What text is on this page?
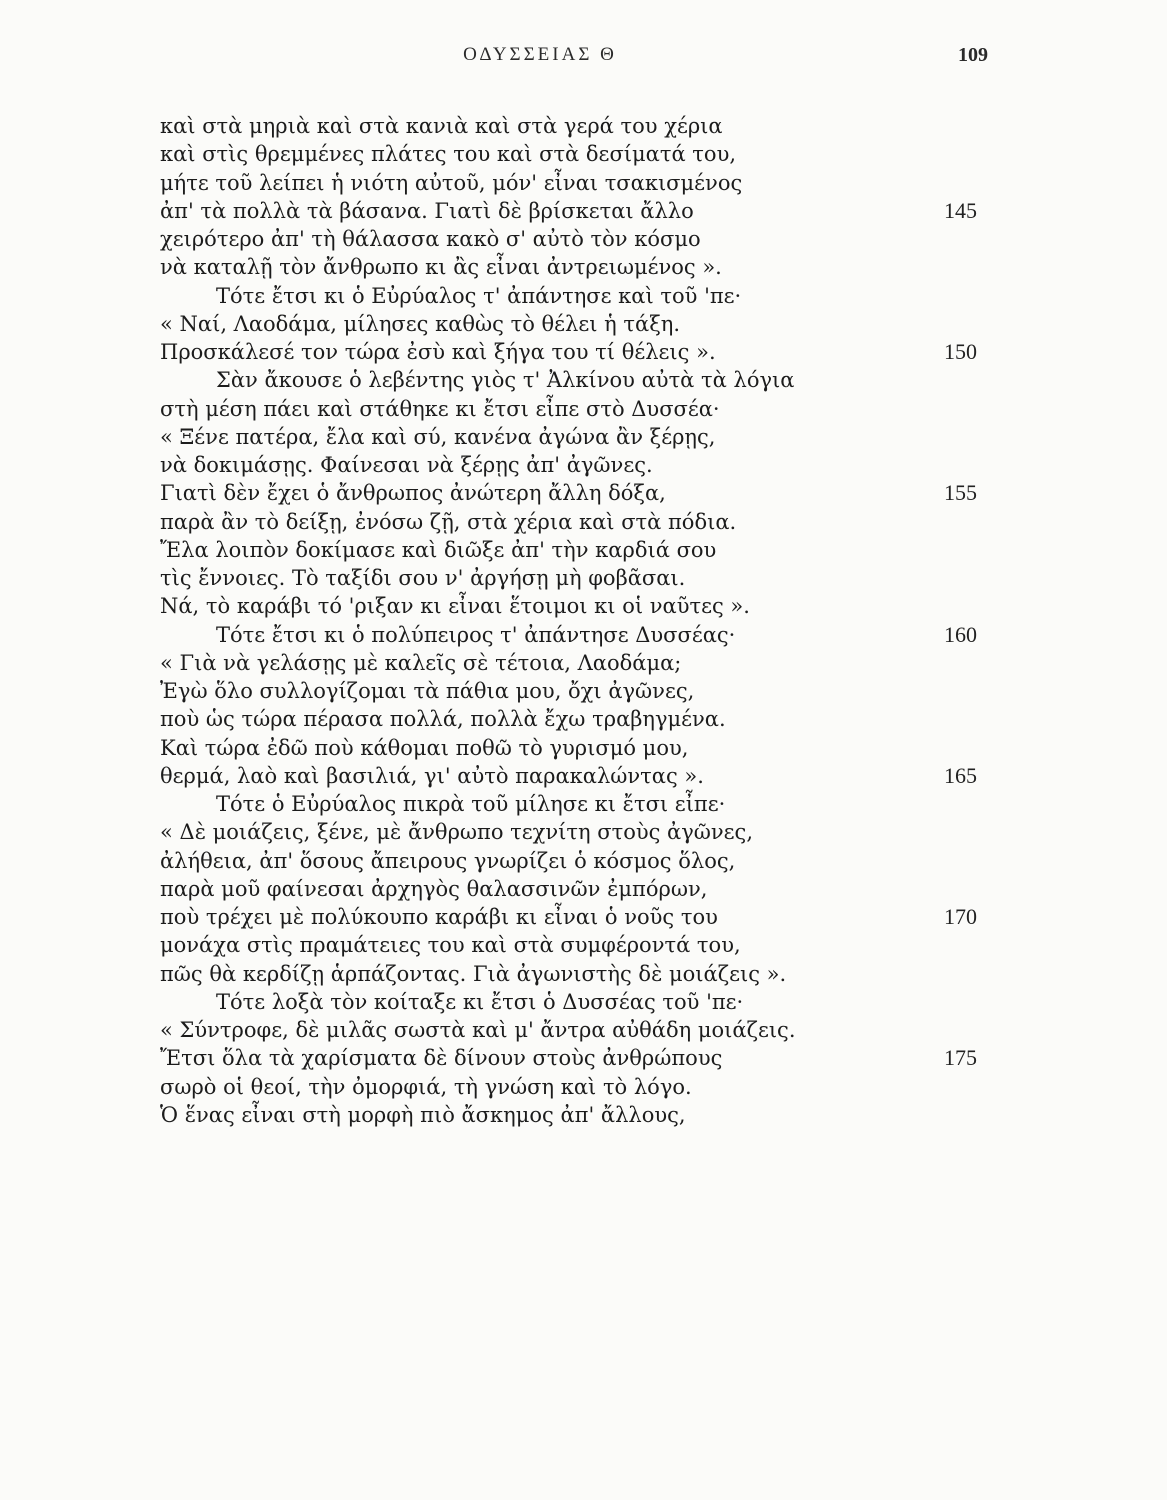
ΟΔΥΣΣΕΙΑΣ Θ	109
καὶ στὰ μηριὰ καὶ στὰ κανιὰ καὶ στὰ γερά του χέρια
καὶ στὶς θρεμμένες πλάτες του καὶ στὰ δεσίματά του,
μήτε τοῦ λείπει ἡ νιότη αὐτοῦ, μόν' εἶναι τσακισμένος
ἀπ' τὰ πολλὰ τὰ βάσανα. Γιατὶ δὲ βρίσκεται ἄλλο	145
χειρότερο ἀπ' τὴ θάλασσα κακὸ σ' αὐτὸ τὸν κόσμο
νὰ καταλῇ τὸν ἄνθρωπο κι ἂς εἶναι ἀντρειωμένος ».
Τότε ἔτσι κι ὁ Εὐρύαλος τ' ἀπάντησε καὶ τοῦ 'πε·
« Ναί, Λαοδάμα, μίλησες καθὼς τὸ θέλει ἡ τάξη.
Προσκάλεσέ τον τώρα ἐσὺ καὶ ξήγα του τί θέλεις ».	150
Σὰν ἄκουσε ὁ λεβέντης γιὸς τ' Ἀλκίνου αὐτὰ τὰ λόγια
στὴ μέση πάει καὶ στάθηκε κι ἔτσι εἶπε στὸ Δυσσέα·
« Ξένε πατέρα, ἔλα καὶ σύ, κανένα ἀγώνα ἂν ξέρῃς,
νὰ δοκιμάσῃς. Φαίνεσαι νὰ ξέρῃς ἀπ' ἀγῶνες.
Γιατὶ δὲν ἔχει ὁ ἄνθρωπος ἀνώτερη ἄλλη δόξα,	155
παρὰ ἂν τὸ δείξῃ, ἐνόσω ζῇ, στὰ χέρια καὶ στὰ πόδια.
Ἔλα λοιπὸν δοκίμασε καὶ διῶξε ἀπ' τὴν καρδιά σου
τὶς ἔννοιες. Τὸ ταξίδι σου ν' ἀργήσῃ μὴ φοβᾶσαι.
Νά, τὸ καράβι τό 'ριξαν κι εἶναι ἕτοιμοι κι οἱ ναῦτες ».
Τότε ἔτσι κι ὁ πολύπειρος τ' ἀπάντησε Δυσσέας·	160
« Γιὰ νὰ γελάσῃς μὲ καλεῖς σὲ τέτοια, Λαοδάμα;
Ἐγὼ ὅλο συλλογίζομαι τὰ πάθια μου, ὄχι ἀγῶνες,
ποὺ ὡς τώρα πέρασα πολλά, πολλὰ ἔχω τραβηγμένα.
Καὶ τώρα ἐδῶ ποὺ κάθομαι ποθῶ τὸ γυρισμό μου,
θερμά, λαὸ καὶ βασιλιά, γι' αὐτὸ παρακαλώντας ».	165
Τότε ὁ Εὐρύαλος πικρὰ τοῦ μίλησε κι ἔτσι εἶπε·
« Δὲ μοιάζεις, ξένε, μὲ ἄνθρωπο τεχνίτη στοὺς ἀγῶνες,
ἀλήθεια, ἀπ' ὅσους ἄπειρους γνωρίζει ὁ κόσμος ὅλος,
παρὰ μοῦ φαίνεσαι ἀρχηγὸς θαλασσινῶν ἐμπόρων,
ποὺ τρέχει μὲ πολύκουπο καράβι κι εἶναι ὁ νοῦς του	170
μονάχα στὶς πραμάτειες του καὶ στὰ συμφέροντά του,
πῶς θὰ κερδίζῃ ἁρπάζοντας. Γιὰ ἀγωνιστὴς δὲ μοιάζεις ».
Τότε λοξὰ τὸν κοίταξε κι ἔτσι ὁ Δυσσέας τοῦ 'πε·
« Σύντροφε, δὲ μιλᾶς σωστὰ καὶ μ' ἄντρα αὐθάδη μοιάζεις.
Ἔτσι ὅλα τὰ χαρίσματα δὲ δίνουν στοὺς ἀνθρώπους	175
σωρὸ οἱ θεοί, τὴν ὀμορφιά, τὴ γνώση καὶ τὸ λόγο.
Ὁ ἕνας εἶναι στὴ μορφὴ πιὸ ἄσκημος ἀπ' ἄλλους,
